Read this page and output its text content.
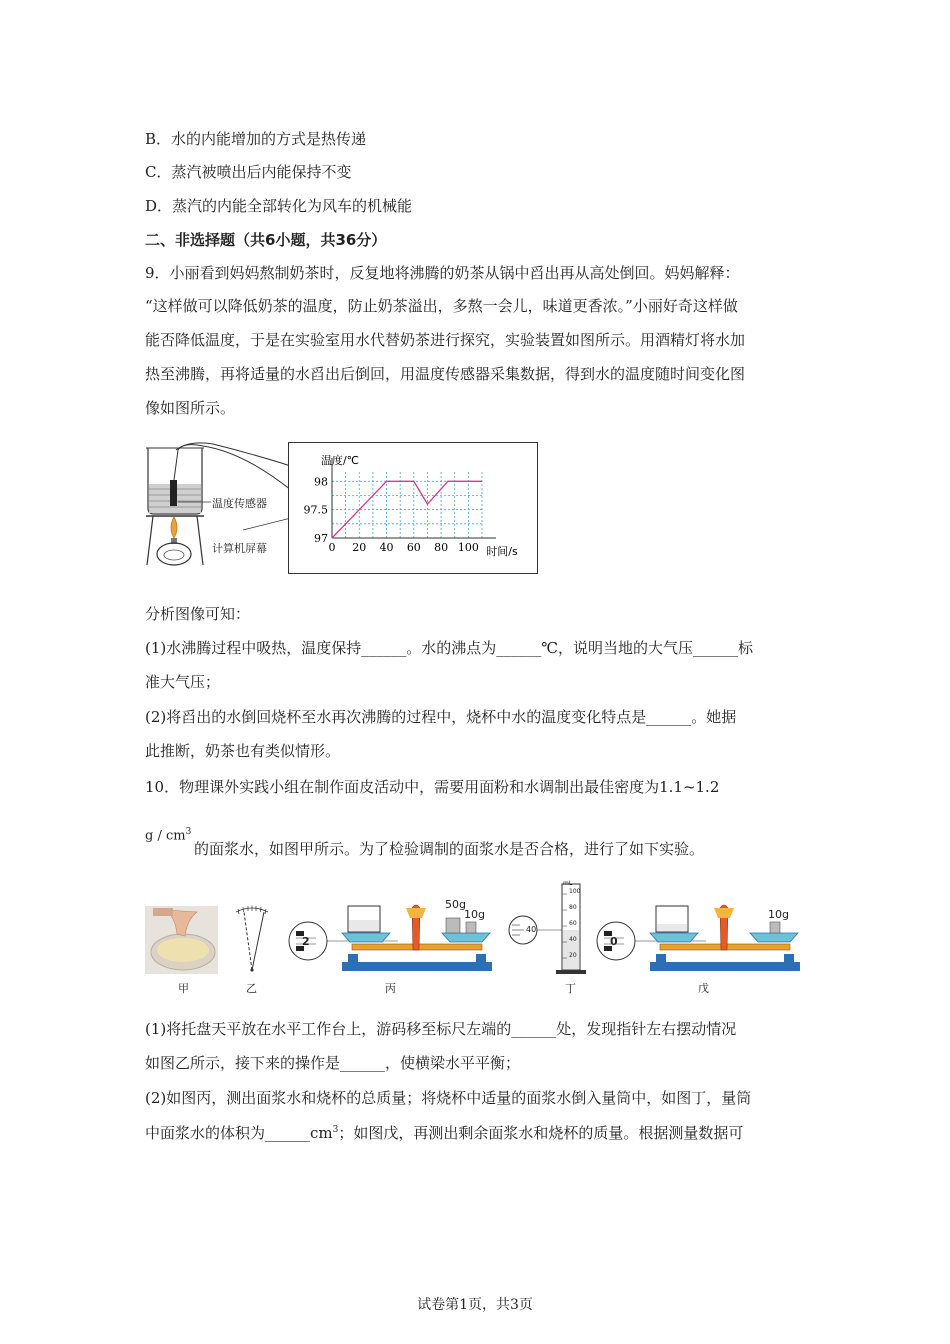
B．水的内能增加的方式是热传递
C．蒸汽被喷出后内能保持不变
D．蒸汽的内能全部转化为风车的机械能
二、非选择题（共6小题，共36分）
9．小丽看到妈妈熬制奶茶时，反复地将沸腾的奶茶从锅中舀出再从高处倒回。妈妈解释：
“这样做可以降低奶茶的温度，防止奶茶溢出，多熬一会儿，味道更香浓。”小丽好奇这样做
能否降低温度，于是在实验室用水代替奶茶进行探究，实验装置如图所示。用酒精灯将水加
热至沸腾，再将适量的水舀出后倒回，用温度传感器采集数据，得到水的温度随时间变化图
像如图所示。
温度传感器
计算机屏幕	0 20 40 60 80 100
97
97.5
98
温度/℃
时间/s
分析图像可知：
(1)水沸腾过程中吸热，温度保持______。水的沸点为______℃，说明当地的大气压______标
准大气压；
(2)将舀出的水倒回烧杯至水再次沸腾的过程中，烧杯中水的温度变化特点是______。她据
此推断，奶茶也有类似情形。
10．物理课外实践小组在制作面皮活动中，需要用面粉和水调制出最佳密度为1.1~1.2
g / $cm^3$
的面浆水，如图甲所示。为了检验调制的面浆水是否合格，进行了如下实验。
甲	乙
50g
10g
2
丙
mL
100
80
60
40
20
40
丁
10g
0
戊
(1)将托盘天平放在水平工作台上，游码移至标尺左端的______处，发现指针左右摆动情况
如图乙所示，接下来的操作是______，使横梁水平平衡；
(2)如图丙，测出面浆水和烧杯的总质量；将烧杯中适量的面浆水倒入量筒中，如图丁，量筒
中面浆水的体积为$\_\_\_\_\_\_cm^3$；如图戊，再测出剩余面浆水和烧杯的质量。根据测量数据可
试卷第1页，共3页
